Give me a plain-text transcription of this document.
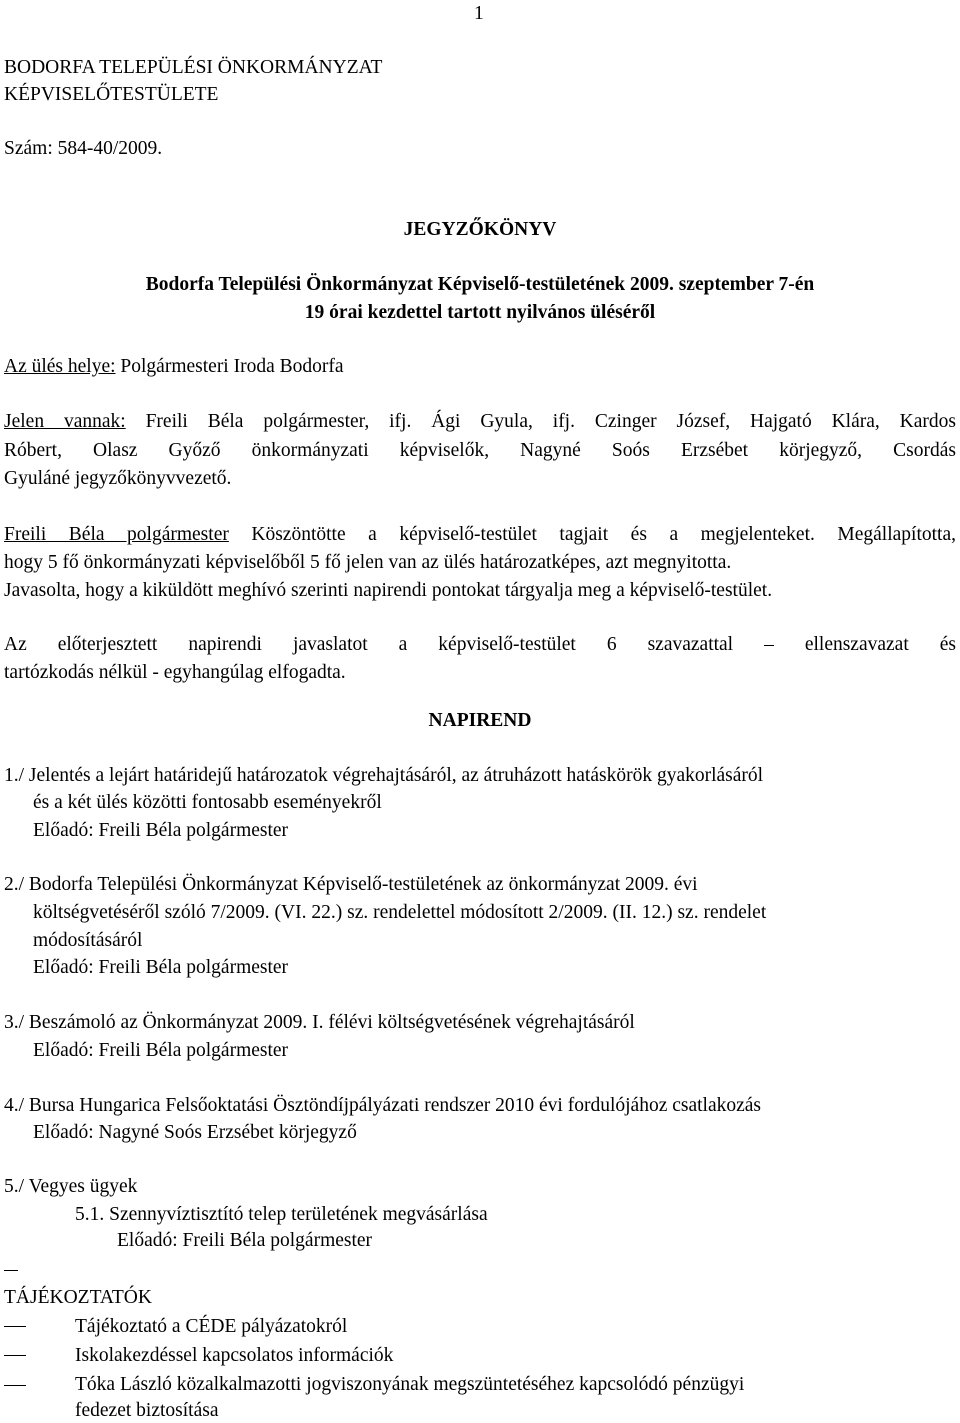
1
BODORFA TELEPÜLÉSI ÖNKORMÁNYZAT
KÉPVISELŐTESTÜLETE
Szám: 584-40/2009.
JEGYZŐKÖNYV
Bodorfa Települési Önkormányzat Képviselő-testületének 2009. szeptember 7-én
19 órai kezdettel tartott nyilvános üléséről
Az ülés helye: Polgármesteri Iroda Bodorfa
Jelen vannak: Freili Béla polgármester, ifj. Ági Gyula, ifj. Czinger József, Hajgató Klára, Kardos
Róbert, Olasz Győző önkormányzati képviselők, Nagyné Soós Erzsébet körjegyző, Csordás
Gyuláné jegyzőkönyvvezető.
Freili Béla polgármester Köszöntötte a képviselő-testület tagjait és a megjelenteket. Megállapította,
hogy 5 fő önkormányzati képviselőből 5 fő jelen van az ülés határozatképes, azt megnyitotta.
Javasolta, hogy a kiküldött meghívó szerinti napirendi pontokat tárgyalja meg a képviselő-testület.
Az előterjesztett napirendi javaslatot a képviselő-testület 6 szavazattal – ellenszavazat és
tartózkodás nélkül - egyhangúlag elfogadta.
NAPIREND
1./ Jelentés a lejárt határidejű határozatok végrehajtásáról, az átruházott hatáskörök gyakorlásáról
és a két ülés közötti fontosabb eseményekről
Előadó: Freili Béla polgármester
2./ Bodorfa Települési Önkormányzat Képviselő-testületének az önkormányzat 2009. évi
költségvetéséről szóló 7/2009. (VI. 22.) sz. rendelettel módosított 2/2009. (II. 12.) sz. rendelet
módosításáról
Előadó: Freili Béla polgármester
3./ Beszámoló az Önkormányzat 2009. I. félévi költségvetésének végrehajtásáról
Előadó: Freili Béla polgármester
4./ Bursa Hungarica Felsőoktatási Ösztöndíjpályázati rendszer 2010 évi fordulójához csatlakozás
Előadó: Nagyné Soós Erzsébet körjegyző
5./ Vegyes ügyek
5.1. Szennyvíztisztító telep területének megvásárlása
Előadó: Freili Béla polgármester
TÁJÉKOZTATÓK
Tájékoztató a CÉDE pályázatokról
Iskolakezdéssel kapcsolatos információk
Tóka László közalkalmazotti jogviszonyának megszüntetéséhez kapcsolódó pénzügyi
fedezet biztosítása
